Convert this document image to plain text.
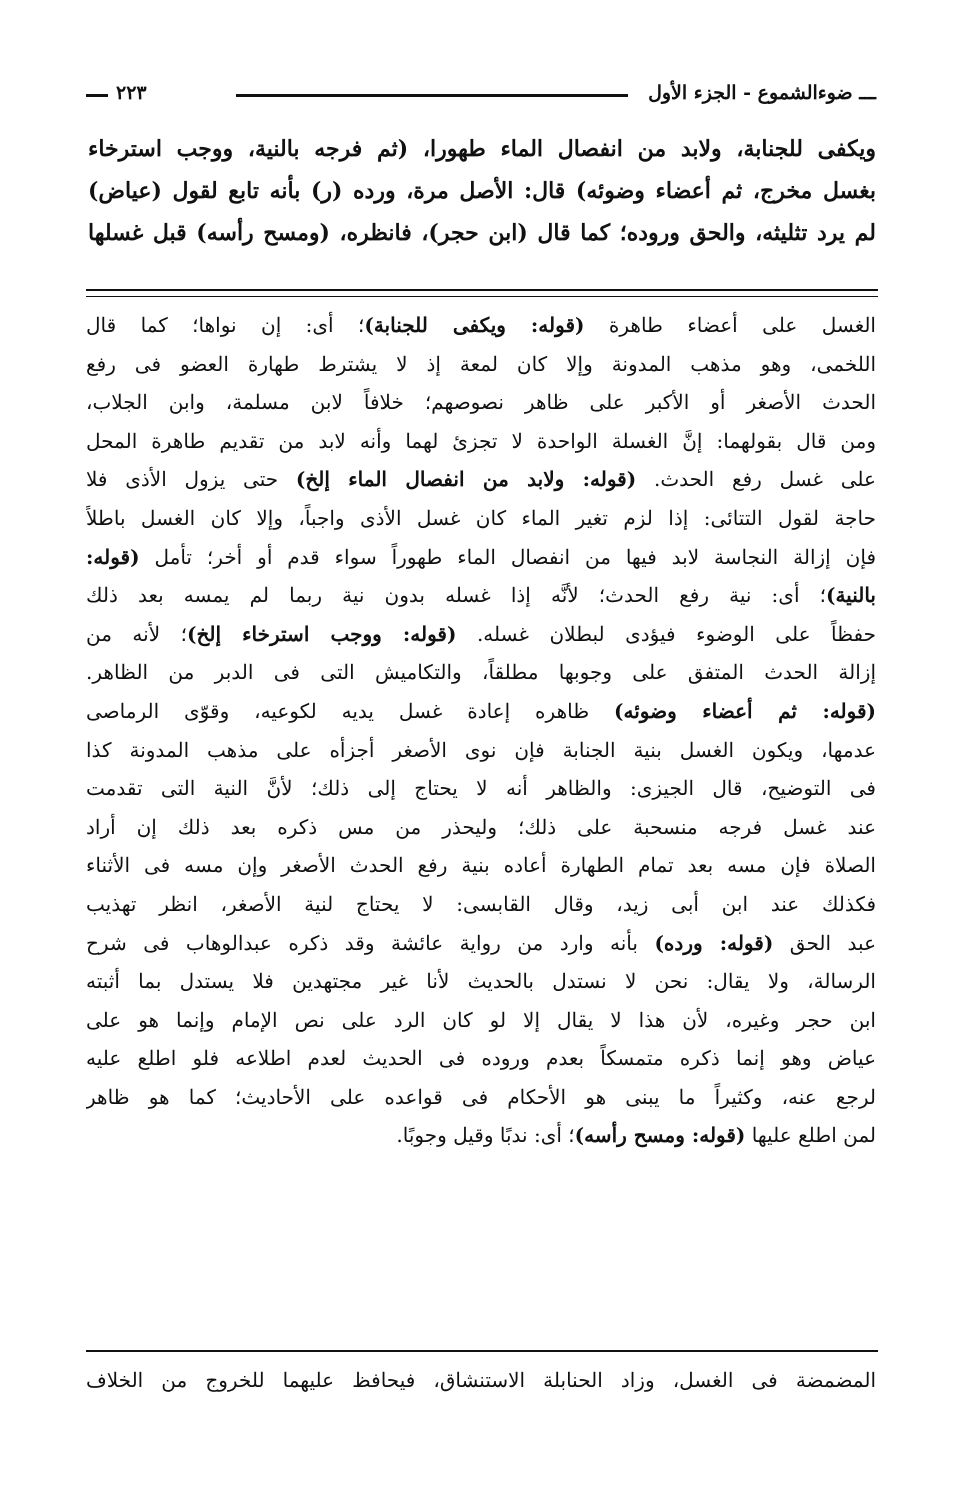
ـــ ضوءالشموع - الجزء الأول
٢٢٣

ويكفى للجنابة، ولابد من انفصال الماء طهورا، (ثم فرجه بالنية، ووجب استرخاء

بغسل مخرج، ثم أعضاء وضوئه) قال: الأصل مرة، ورده (ر) بأنه تابع لقول (عياض)

لم يرد تثليثه، والحق وروده؛ كما قال (ابن حجر)، فانظره، (ومسح رأسه) قبل غسلها

الغسل على أعضاء طاهرة (قوله: ويكفى للجنابة)؛ أى: إن نواها؛ كما قال

اللخمى، وهو مذهب المدونة وإلا كان لمعة إذ لا يشترط طهارة العضو فى رفع

الحدث الأصغر أو الأكبر على ظاهر نصوصهم؛ خلافاً لابن مسلمة، وابن الجلاب،

ومن قال بقولهما: إنَّ الغسلة الواحدة لا تجزئ لهما وأنه لابد من تقديم طاهرة المحل

على غسل رفع الحدث. (قوله: ولابد من انفصال الماء إلخ) حتى يزول الأذى فلا

حاجة لقول التتائى: إذا لزم تغير الماء كان غسل الأذى واجباً، وإلا كان الغسل باطلاً

فإن إزالة النجاسة لابد فيها من انفصال الماء طهوراً سواء قدم أو أخر؛ تأمل (قوله:

بالنية)؛ أى: نية رفع الحدث؛ لأنَّه إذا غسله بدون نية ربما لم يمسه بعد ذلك

حفظاً على الوضوء فيؤدى لبطلان غسله. (قوله: ووجب استرخاء إلخ)؛ لأنه من

إزالة الحدث المتفق على وجوبها مطلقاً، والتكاميش التى فى الدبر من الظاهر.

(قوله: ثم أعضاء وضوئه) ظاهره إعادة غسل يديه لكوعيه، وقوّى الرماصى

عدمها، ويكون الغسل بنية الجنابة فإن نوى الأصغر أجزأه على مذهب المدونة كذا

فى التوضيح، قال الجيزى: والظاهر أنه لا يحتاج إلى ذلك؛ لأنَّ النية التى تقدمت

عند غسل فرجه منسحبة على ذلك؛ وليحذر من مس ذكره بعد ذلك إن أراد

الصلاة فإن مسه بعد تمام الطهارة أعاده بنية رفع الحدث الأصغر وإن مسه فى الأثناء

فكذلك عند ابن أبى زيد، وقال القابسى: لا يحتاج لنية الأصغر، انظر تهذيب

عبد الحق (قوله: ورده) بأنه وارد من رواية عائشة وقد ذكره عبدالوهاب فى شرح

الرسالة، ولا يقال: نحن لا نستدل بالحديث لأنا غير مجتهدين فلا يستدل بما أثبته

ابن حجر وغيره، لأن هذا لا يقال إلا لو كان الرد على نص الإمام وإنما هو على

عياض وهو إنما ذكره متمسكاً بعدم وروده فى الحديث لعدم اطلاعه فلو اطلع عليه

لرجع عنه، وكثيراً ما يبنى هو الأحكام فى قواعده على الأحاديث؛ كما هو ظاهر

لمن اطلع عليها (قوله: ومسح رأسه)؛ أى: ندبًا وقيل وجوبًا.

المضمضة فى الغسل، وزاد الحنابلة الاستنشاق، فيحافظ عليهما للخروج من الخلاف
